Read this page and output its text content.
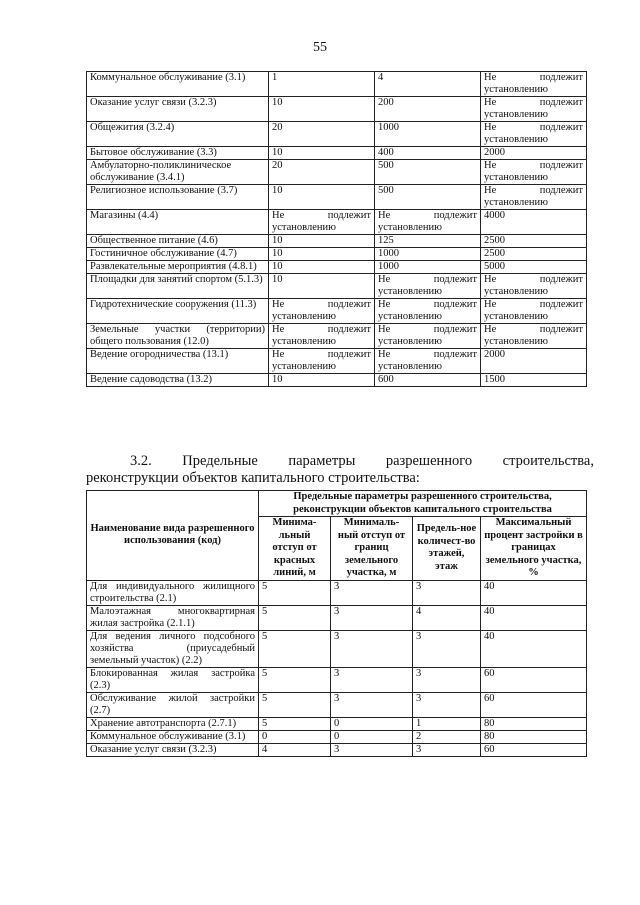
55
Коммунальное обслуживание (3.1)	1	4	Не подлежит установлению
Оказание услуг связи (3.2.3)	10	200	Не подлежит установлению
Общежития (3.2.4)	20	1000	Не подлежит установлению
Бытовое обслуживание (3.3)	10	400	2000
Амбулаторно-поликлиническое обслуживание (3.4.1)	20	500	Не подлежит установлению
Религиозное использование (3.7)	10	500	Не подлежит установлению
Магазины (4.4)	Не подлежит установлению	Не подлежит установлению	4000
Общественное питание (4.6)	10	125	2500
Гостиничное обслуживание (4.7)	10	1000	2500
Развлекательные мероприятия (4.8.1)	10	1000	5000
Площадки для занятий спортом (5.1.3)	10	Не подлежит установлению	Не подлежит установлению
Гидротехнические сооружения (11.3)	Не подлежит установлению	Не подлежит установлению	Не подлежит установлению
Земельные участки (территории) общего пользования (12.0)	Не подлежит установлению	Не подлежит установлению	Не подлежит установлению
Ведение огородничества (13.1)	Не подлежит установлению	Не подлежит установлению	2000
Ведение садоводства (13.2)	10	600	1500
3.2. Предельные параметры разрешенного строительства,
реконструкции объектов капитального строительства:
Наименование вида разрешенного использования (код)	Предельные параметры разрешенного строительства, реконструкции объектов капитального строительства			
	Минима-льный отступ от красных линий, м	Минималь-ный отступ от границ земельного участка, м	Предель-ное количест-во этажей, этаж	Максимальный процент застройки в границах земельного участка, %
Для индивидуального жилищного строительства (2.1)	5	3	3	40
Малоэтажная многоквартирная жилая застройка (2.1.1)	5	3	4	40
Для ведения личного подсобного хозяйства (приусадебный земельный участок) (2.2)	5	3	3	40
Блокированная жилая застройка (2.3)	5	3	3	60
Обслуживание жилой застройки (2.7)	5	3	3	60
Хранение автотранспорта (2.7.1)	5	0	1	80
Коммунальное обслуживание (3.1)	0	0	2	80
Оказание услуг связи (3.2.3)	4	3	3	60
